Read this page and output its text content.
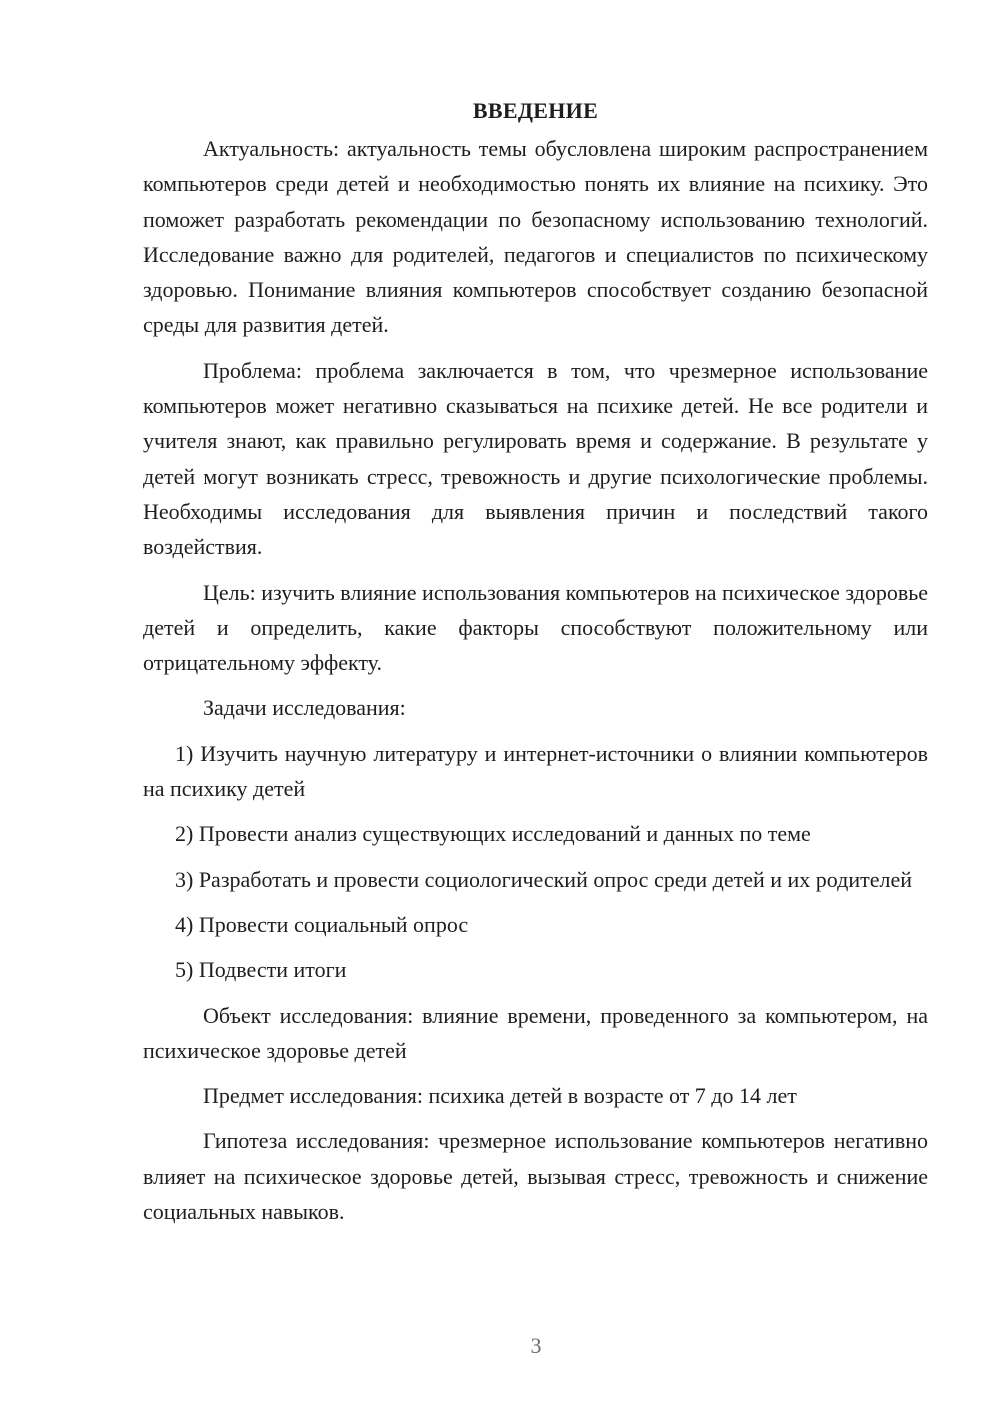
ВВЕДЕНИЕ

Актуальность: актуальность темы обусловлена широким распространением компьютеров среди детей и необходимостью понять их влияние на психику. Это поможет разработать рекомендации по безопасному использованию технологий. Исследование важно для родителей, педагогов и специалистов по психическому здоровью. Понимание влияния компьютеров способствует созданию безопасной среды для развития детей.

Проблема: проблема заключается в том, что чрезмерное использование компьютеров может негативно сказываться на психике детей. Не все родители и учителя знают, как правильно регулировать время и содержание. В результате у детей могут возникать стресс, тревожность и другие психологические проблемы. Необходимы исследования для выявления причин и последствий такого воздействия.

Цель: изучить влияние использования компьютеров на психическое здоровье детей и определить, какие факторы способствуют положительному или отрицательному эффекту.

Задачи исследования:

1) Изучить научную литературу и интернет-источники о влиянии компьютеров на психику детей

2) Провести анализ существующих исследований и данных по теме

3) Разработать и провести социологический опрос среди детей и их родителей

4) Провести социальный опрос

5) Подвести итоги

Объект исследования: влияние времени, проведенного за компьютером, на психическое здоровье детей

Предмет исследования: психика детей в возрасте от 7 до 14 лет

Гипотеза исследования: чрезмерное использование компьютеров негативно влияет на психическое здоровье детей, вызывая стресс, тревожность и снижение социальных навыков.

3
